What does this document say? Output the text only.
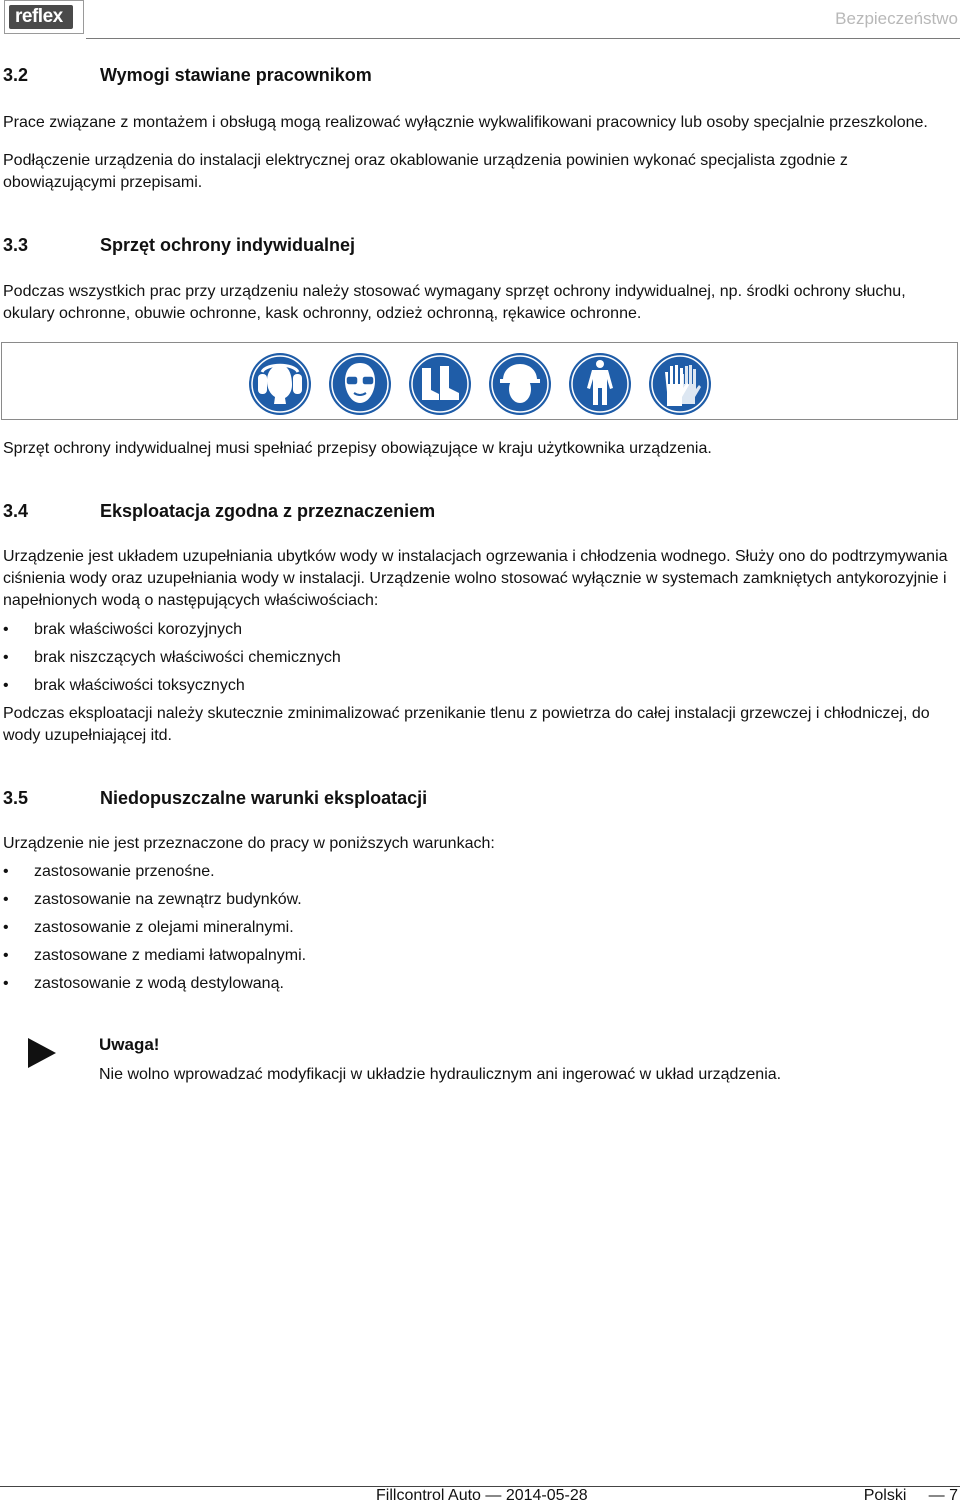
reflex	Bezpieczeństwo
3.2	Wymogi stawiane pracownikom
Prace związane z montażem i obsługą mogą realizować wyłącznie wykwalifikowani pracownicy lub osoby specjalnie przeszkolone.
Podłączenie urządzenia do instalacji elektrycznej oraz okablowanie urządzenia powinien wykonać specjalista zgodnie z obowiązującymi przepisami.
3.3	Sprzęt ochrony indywidualnej
Podczas wszystkich prac przy urządzeniu należy stosować wymagany sprzęt ochrony indywidualnej, np. środki ochrony słuchu, okulary ochronne, obuwie ochronne, kask ochronny, odzież ochronną, rękawice ochronne.
Sprzęt ochrony indywidualnej musi spełniać przepisy obowiązujące w kraju użytkownika urządzenia.
3.4	Eksploatacja zgodna z przeznaczeniem
Urządzenie jest układem uzupełniania ubytków wody w instalacjach ogrzewania i chłodzenia wodnego. Służy ono do podtrzymywania ciśnienia wody oraz uzupełniania wody w instalacji. Urządzenie wolno stosować wyłącznie w systemach zamkniętych antykorozyjnie i napełnionych wodą o następujących właściwościach:
• brak właściwości korozyjnych
• brak niszczących właściwości chemicznych
• brak właściwości toksycznych
Podczas eksploatacji należy skutecznie zminimalizować przenikanie tlenu z powietrza do całej instalacji grzewczej i chłodniczej, do wody uzupełniającej itd.
3.5	Niedopuszczalne warunki eksploatacji
Urządzenie nie jest przeznaczone do pracy w poniższych warunkach:
• zastosowanie przenośne.
• zastosowanie na zewnątrz budynków.
• zastosowanie z olejami mineralnymi.
• zastosowane z mediami łatwopalnymi.
• zastosowanie z wodą destylowaną.
Uwaga!
Nie wolno wprowadzać modyfikacji w układzie hydraulicznym ani ingerować w układ urządzenia.
Fillcontrol Auto — 2014-05-28	Polski — 7
